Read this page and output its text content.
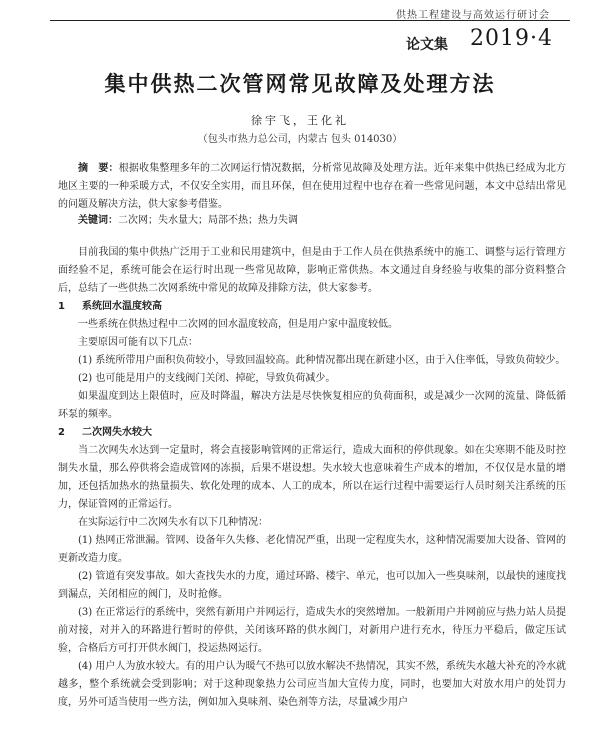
供热工程建设与高效运行研讨会
论文集 2019·4
集中供热二次管网常见故障及处理方法
徐宇飞，王化礼
（包头市热力总公司，内蒙古 包头 014030）

摘　要：根据收集整理多年的二次网运行情况数据，分析常见故障及处理方法。近年来集中供热已经成为北方地区主要的一种采暖方式，不仅安全实用，而且环保，但在使用过程中也存在着一些常见问题，本文中总结出常见的问题及解决方法，供大家参考借鉴。

关键词：二次网；失水量大；局部不热；热力失调

目前我国的集中供热广泛用于工业和民用建筑中，但是由于工作人员在供热系统中的施工、调整与运行管理方面经验不足，系统可能会在运行时出现一些常见故障，影响正常供热。本文通过自身经验与收集的部分资料整合后，总结了一些供热二次网系统中常见的故障及排除方法，供大家参考。

1 系统回水温度较高

一些系统在供热过程中二次网的回水温度较高，但是用户家中温度较低。

主要原因可能有以下几点：

(1) 系统所带用户面积负荷较小，导致回温较高。此种情况都出现在新建小区，由于入住率低，导致负荷较少。

(2) 也可能是用户的支线阀门关闭、掉砣，导致负荷减少。

如果温度到达上限值时，应及时降温，解决方法是尽快恢复相应的负荷面积，或是减少一次网的流量、降低循环泵的频率。

2 二次网失水较大

当二次网失水达到一定量时，将会直接影响管网的正常运行，造成大面积的停供现象。如在尖寒期不能及时控制失水量，那么停供将会造成管网的冻损，后果不堪设想。失水较大也意味着生产成本的增加，不仅仅是水量的增加，还包括加热水的热量损失、软化处理的成本、人工的成本，所以在运行过程中需要运行人员时刻关注系统的压力，保证管网的正常运行。

在实际运行中二次网失水有以下几种情况：

(1) 热网正常泄漏。管网、设备年久失修、老化情况严重，出现一定程度失水，这种情况需要加大设备、管网的更新改造力度。

(2) 管道有突发事故。如大查找失水的力度，通过环路、楼宇、单元，也可以加入一些臭味剂，以最快的速度找到漏点，关闭相应的阀门，及时抢修。

(3) 在正常运行的系统中，突然有新用户并网运行，造成失水的突然增加。一般新用户并网前应与热力站人员提前对接，对并入的环路进行暂时的停供，关闭该环路的供水阀门，对新用户进行充水，待压力平稳后，做定压试验，合格后方可打开供水阀门，投运热网运行。

(4) 用户人为放水较大。有的用户认为暖气不热可以放水解决不热情况，其实不然，系统失水越大补充的冷水就越多，整个系统就会受到影响；对于这种现象热力公司应当加大宣传力度，同时，也要加大对放水用户的处罚力度，另外可适当使用一些方法，例如加入臭味剂、染色剂等方法，尽量减少用户
